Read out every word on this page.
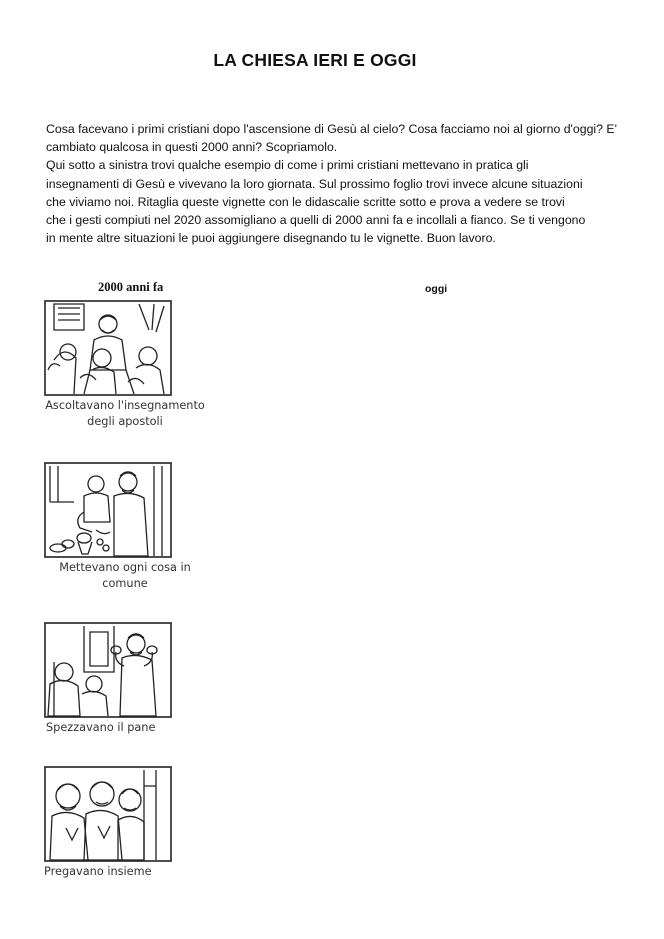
LA CHIESA IERI E OGGI
Cosa facevano i primi cristiani dopo l'ascensione di Gesù al cielo? Cosa facciamo noi al giorno d'oggi? E'
cambiato qualcosa in questi 2000 anni? Scopriamolo.
Qui sotto a sinistra trovi qualche esempio di come i primi cristiani mettevano in pratica gli
insegnamenti di Gesù e vivevano la loro giornata. Sul prossimo foglio trovi invece alcune situazioni
che viviamo noi. Ritaglia queste vignette con le didascalie scritte sotto e prova a vedere se trovi
che i gesti compiuti nel 2020 assomigliano a quelli di 2000 anni fa e incollali a fianco. Se ti vengono
in mente altre situazioni le puoi aggiungere disegnando tu le vignette. Buon lavoro.
2000 anni fa	oggi
Ascoltavano l'insegnamento
degli apostoli
Mettevano ogni cosa in
comune
Spezzavano il pane
Pregavano insieme
